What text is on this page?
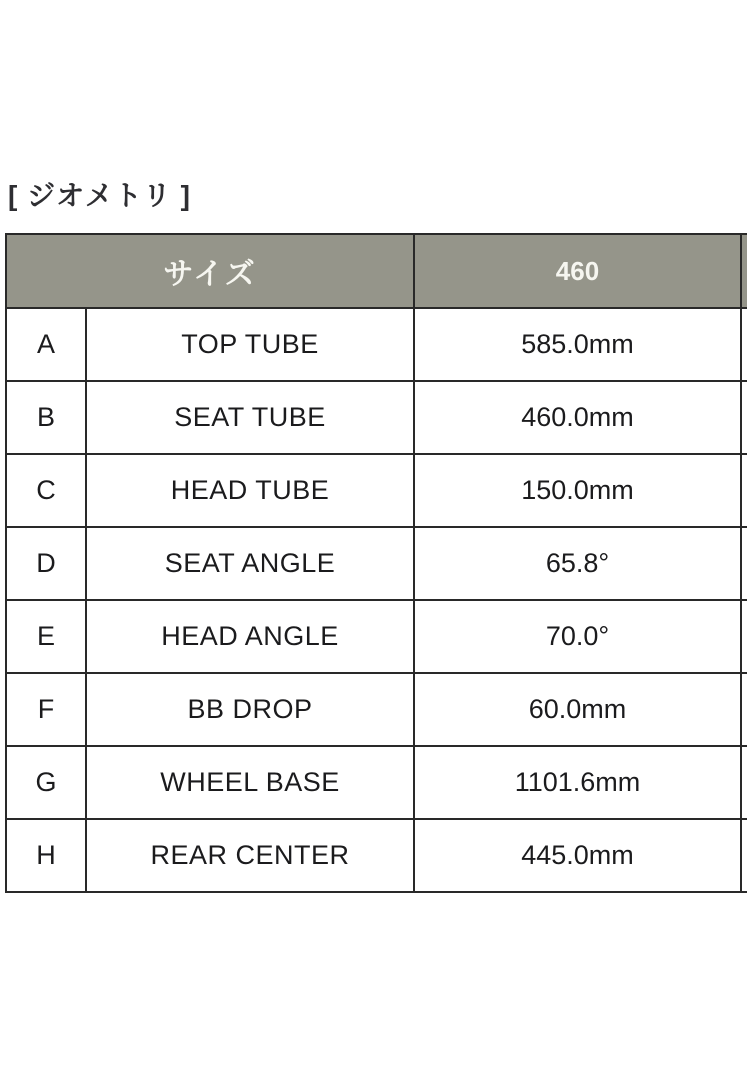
[ ジオメトリ ]
サイズ	460
A	TOP TUBE	585.0mm
B	SEAT TUBE	460.0mm
C	HEAD TUBE	150.0mm
D	SEAT ANGLE	65.8°
E	HEAD ANGLE	70.0°
F	BB DROP	60.0mm
G	WHEEL BASE	1101.6mm
H	REAR CENTER	445.0mm
